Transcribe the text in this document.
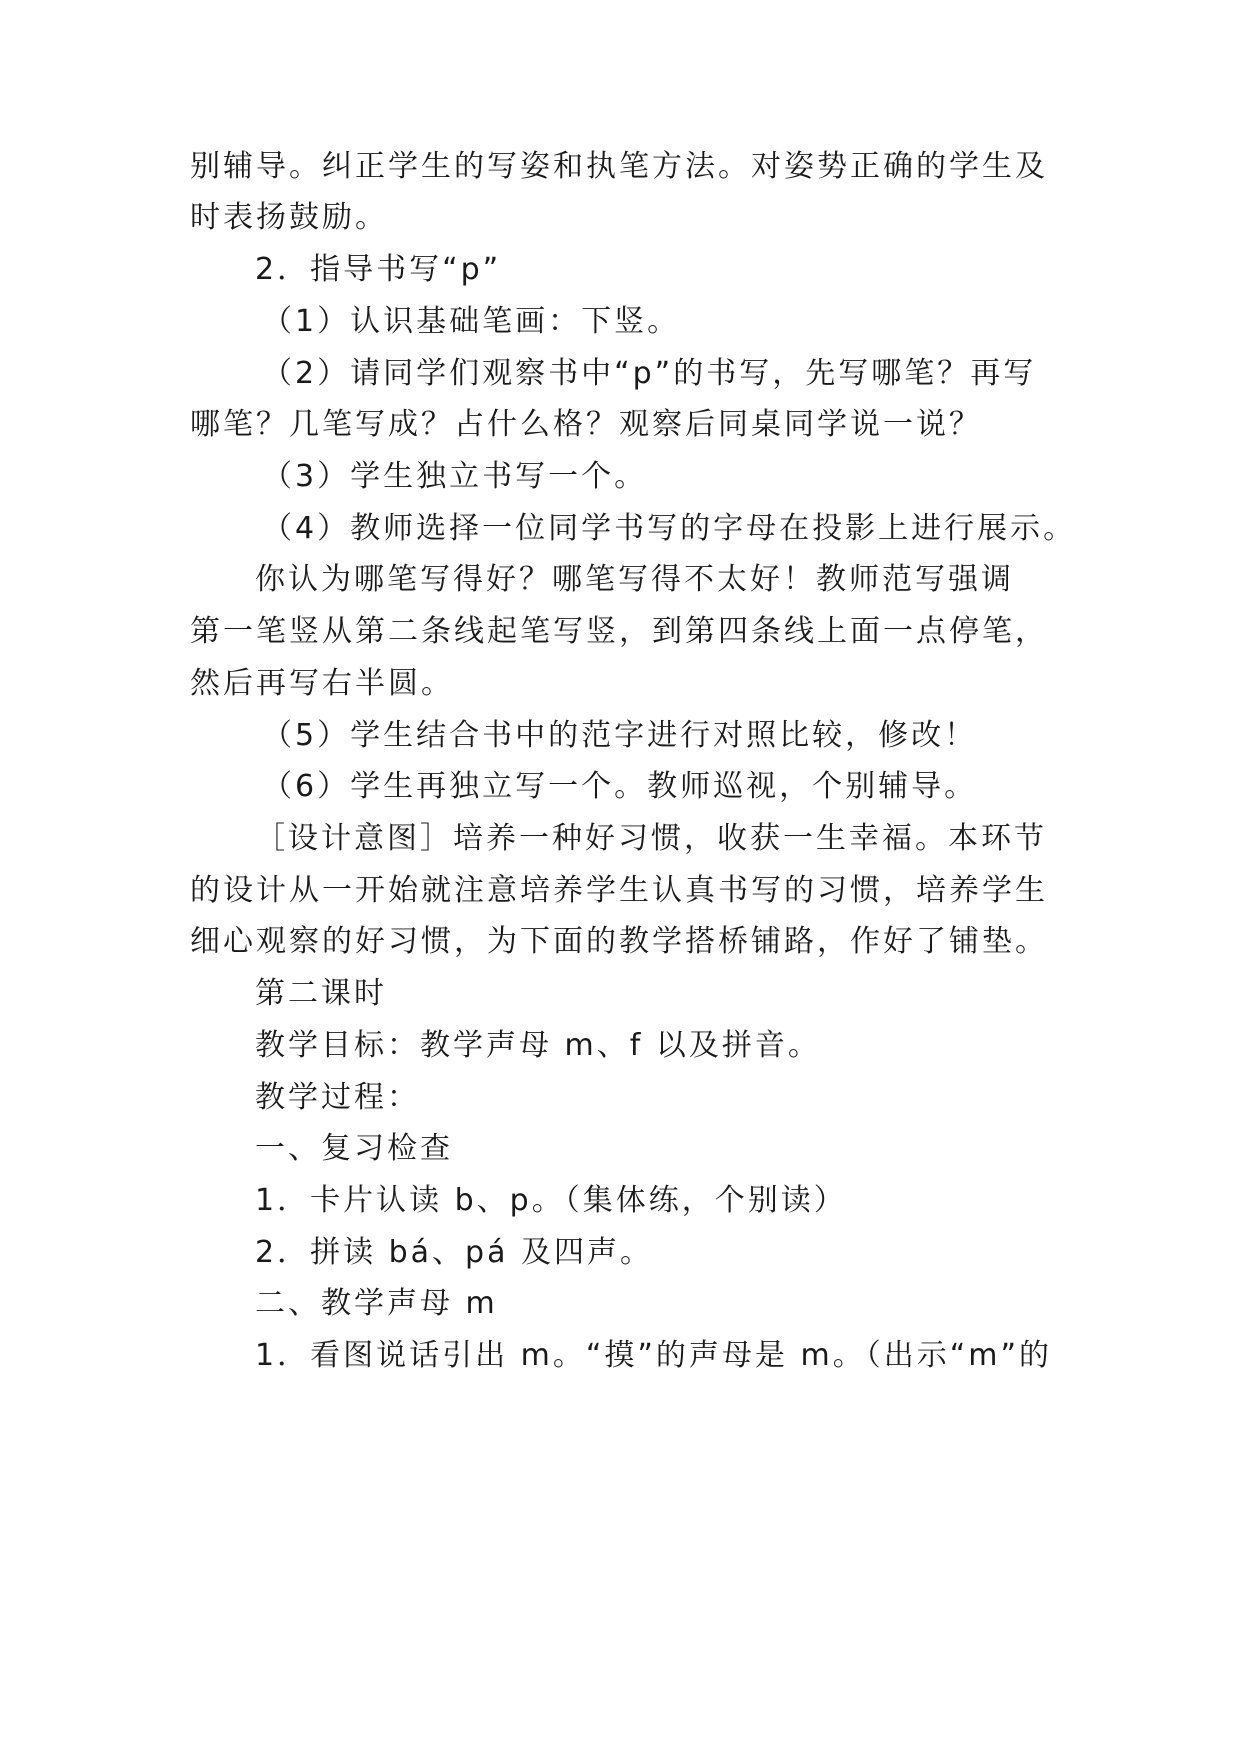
别辅导。纠正学生的写姿和执笔方法。对姿势正确的学生及
时表扬鼓励。
2．指导书写“p”
（1）认识基础笔画：下竖。
（2）请同学们观察书中“p”的书写，先写哪笔？再写
哪笔？几笔写成？占什么格？观察后同桌同学说一说？
（3）学生独立书写一个。
（4）教师选择一位同学书写的字母在投影上进行展示。
你认为哪笔写得好？哪笔写得不太好！教师范写强调
第一笔竖从第二条线起笔写竖，到第四条线上面一点停笔，
然后再写右半圆。
（5）学生结合书中的范字进行对照比较，修改！
（6）学生再独立写一个。教师巡视，个别辅导。
［设计意图］培养一种好习惯，收获一生幸福。本环节
的设计从一开始就注意培养学生认真书写的习惯，培养学生
细心观察的好习惯，为下面的教学搭桥铺路，作好了铺垫。
第二课时
教学目标：教学声母 m、f 以及拼音。
教学过程：
一、复习检查
1．卡片认读 b、p。（集体练，个别读）
2．拼读 bá、pá 及四声。
二、教学声母 m
1．看图说话引出 m。“摸”的声母是 m。（出示“m”的
